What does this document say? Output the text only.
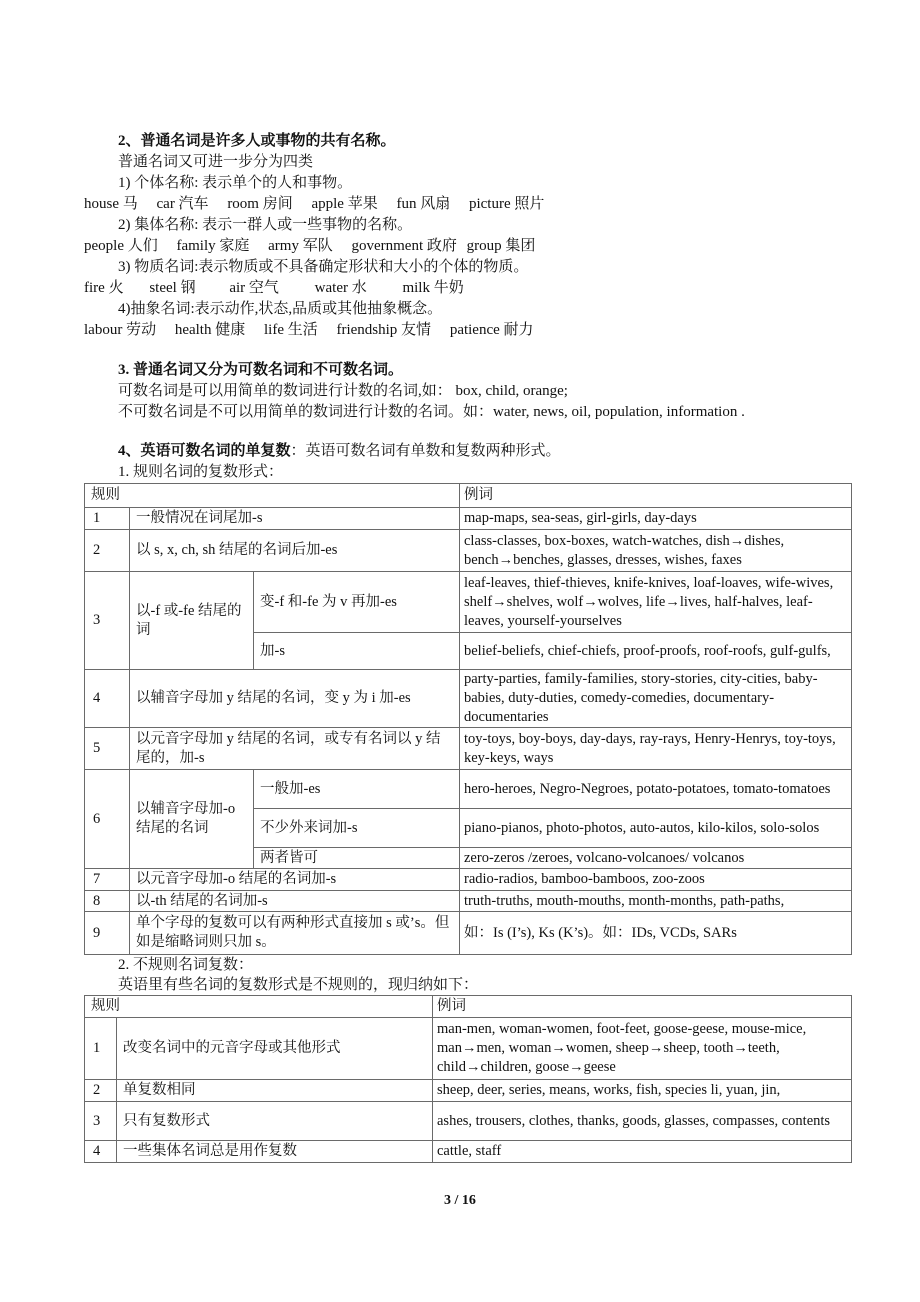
2、普通名词是许多人或事物的共有名称。
普通名词又可进一步分为四类
1) 个体名称: 表示单个的人和事物。
house 马 car 汽车 room 房间 apple 苹果 fun 风扇 picture 照片
2) 集体名称: 表示一群人或一些事物的名称。
people 人们 family 家庭 army 军队 government 政府 group 集团
3) 物质名词:表示物质或不具备确定形状和大小的个体的物质。
fire 火 steel 钢 air 空气 water 水 milk 牛奶
4)抽象名词:表示动作,状态,品质或其他抽象概念。
labour 劳动 health 健康 life 生活 friendship 友情 patience 耐力
3. 普通名词又分为可数名词和不可数名词。
可数名词是可以用简单的数词进行计数的名词,如： box, child, orange;
不可数名词是不可以用简单的数词进行计数的名词。如：water, news, oil, population, information .
4、英语可数名词的单复数：英语可数名词有单数和复数两种形式。
1. 规则名词的复数形式：
规则			例词
1	一般情况在词尾加-s		map-maps, sea-seas, girl-girls, day-days
2	以 s, x, ch, sh 结尾的名词后加-es		class-classes, box-boxes, watch-watches, dish→dishes, bench→benches, glasses, dresses, wishes, faxes
3	以-f 或-fe 结尾的词	变-f 和-fe 为 v 再加-es	leaf-leaves, thief-thieves, knife-knives, loaf-loaves, wife-wives, shelf→shelves, wolf→wolves, life→lives, half-halves, leaf-leaves, yourself-yourselves
		加-s	belief-beliefs, chief-chiefs, proof-proofs, roof-roofs, gulf-gulfs,
4	以辅音字母加 y 结尾的名词，变 y 为 i 加-es		party-parties, family-families, story-stories, city-cities, baby-babies, duty-duties, comedy-comedies, documentary-documentaries
5	以元音字母加 y 结尾的名词，或专有名词以 y 结尾的，加-s		toy-toys, boy-boys, day-days, ray-rays, Henry-Henrys, toy-toys, key-keys, ways
6	以辅音字母加-o 结尾的名词	一般加-es	hero-heroes, Negro-Negroes, potato-potatoes, tomato-tomatoes
		不少外来词加-s	piano-pianos, photo-photos, auto-autos, kilo-kilos, solo-solos
		两者皆可	zero-zeros /zeroes, volcano-volcanoes/ volcanos
7	以元音字母加-o 结尾的名词加-s		radio-radios, bamboo-bamboos, zoo-zoos
8	以-th 结尾的名词加-s		truth-truths, mouth-mouths, month-months, path-paths,
9	单个字母的复数可以有两种形式直接加 s 或’s。但如是缩略词则只加 s。		如：Is (I’s), Ks (K’s)。如：IDs, VCDs, SARs
2. 不规则名词复数：
英语里有些名词的复数形式是不规则的，现归纳如下：
规则		例词
1	改变名词中的元音字母或其他形式	man-men, woman-women, foot-feet, goose-geese, mouse-mice, man→men, woman→women, sheep→sheep, tooth→teeth, child→children, goose→geese
2	单复数相同	sheep, deer, series, means, works, fish, species li, yuan, jin,
3	只有复数形式	ashes, trousers, clothes, thanks, goods, glasses, compasses, contents
4	一些集体名词总是用作复数	cattle, staff
3 / 16
